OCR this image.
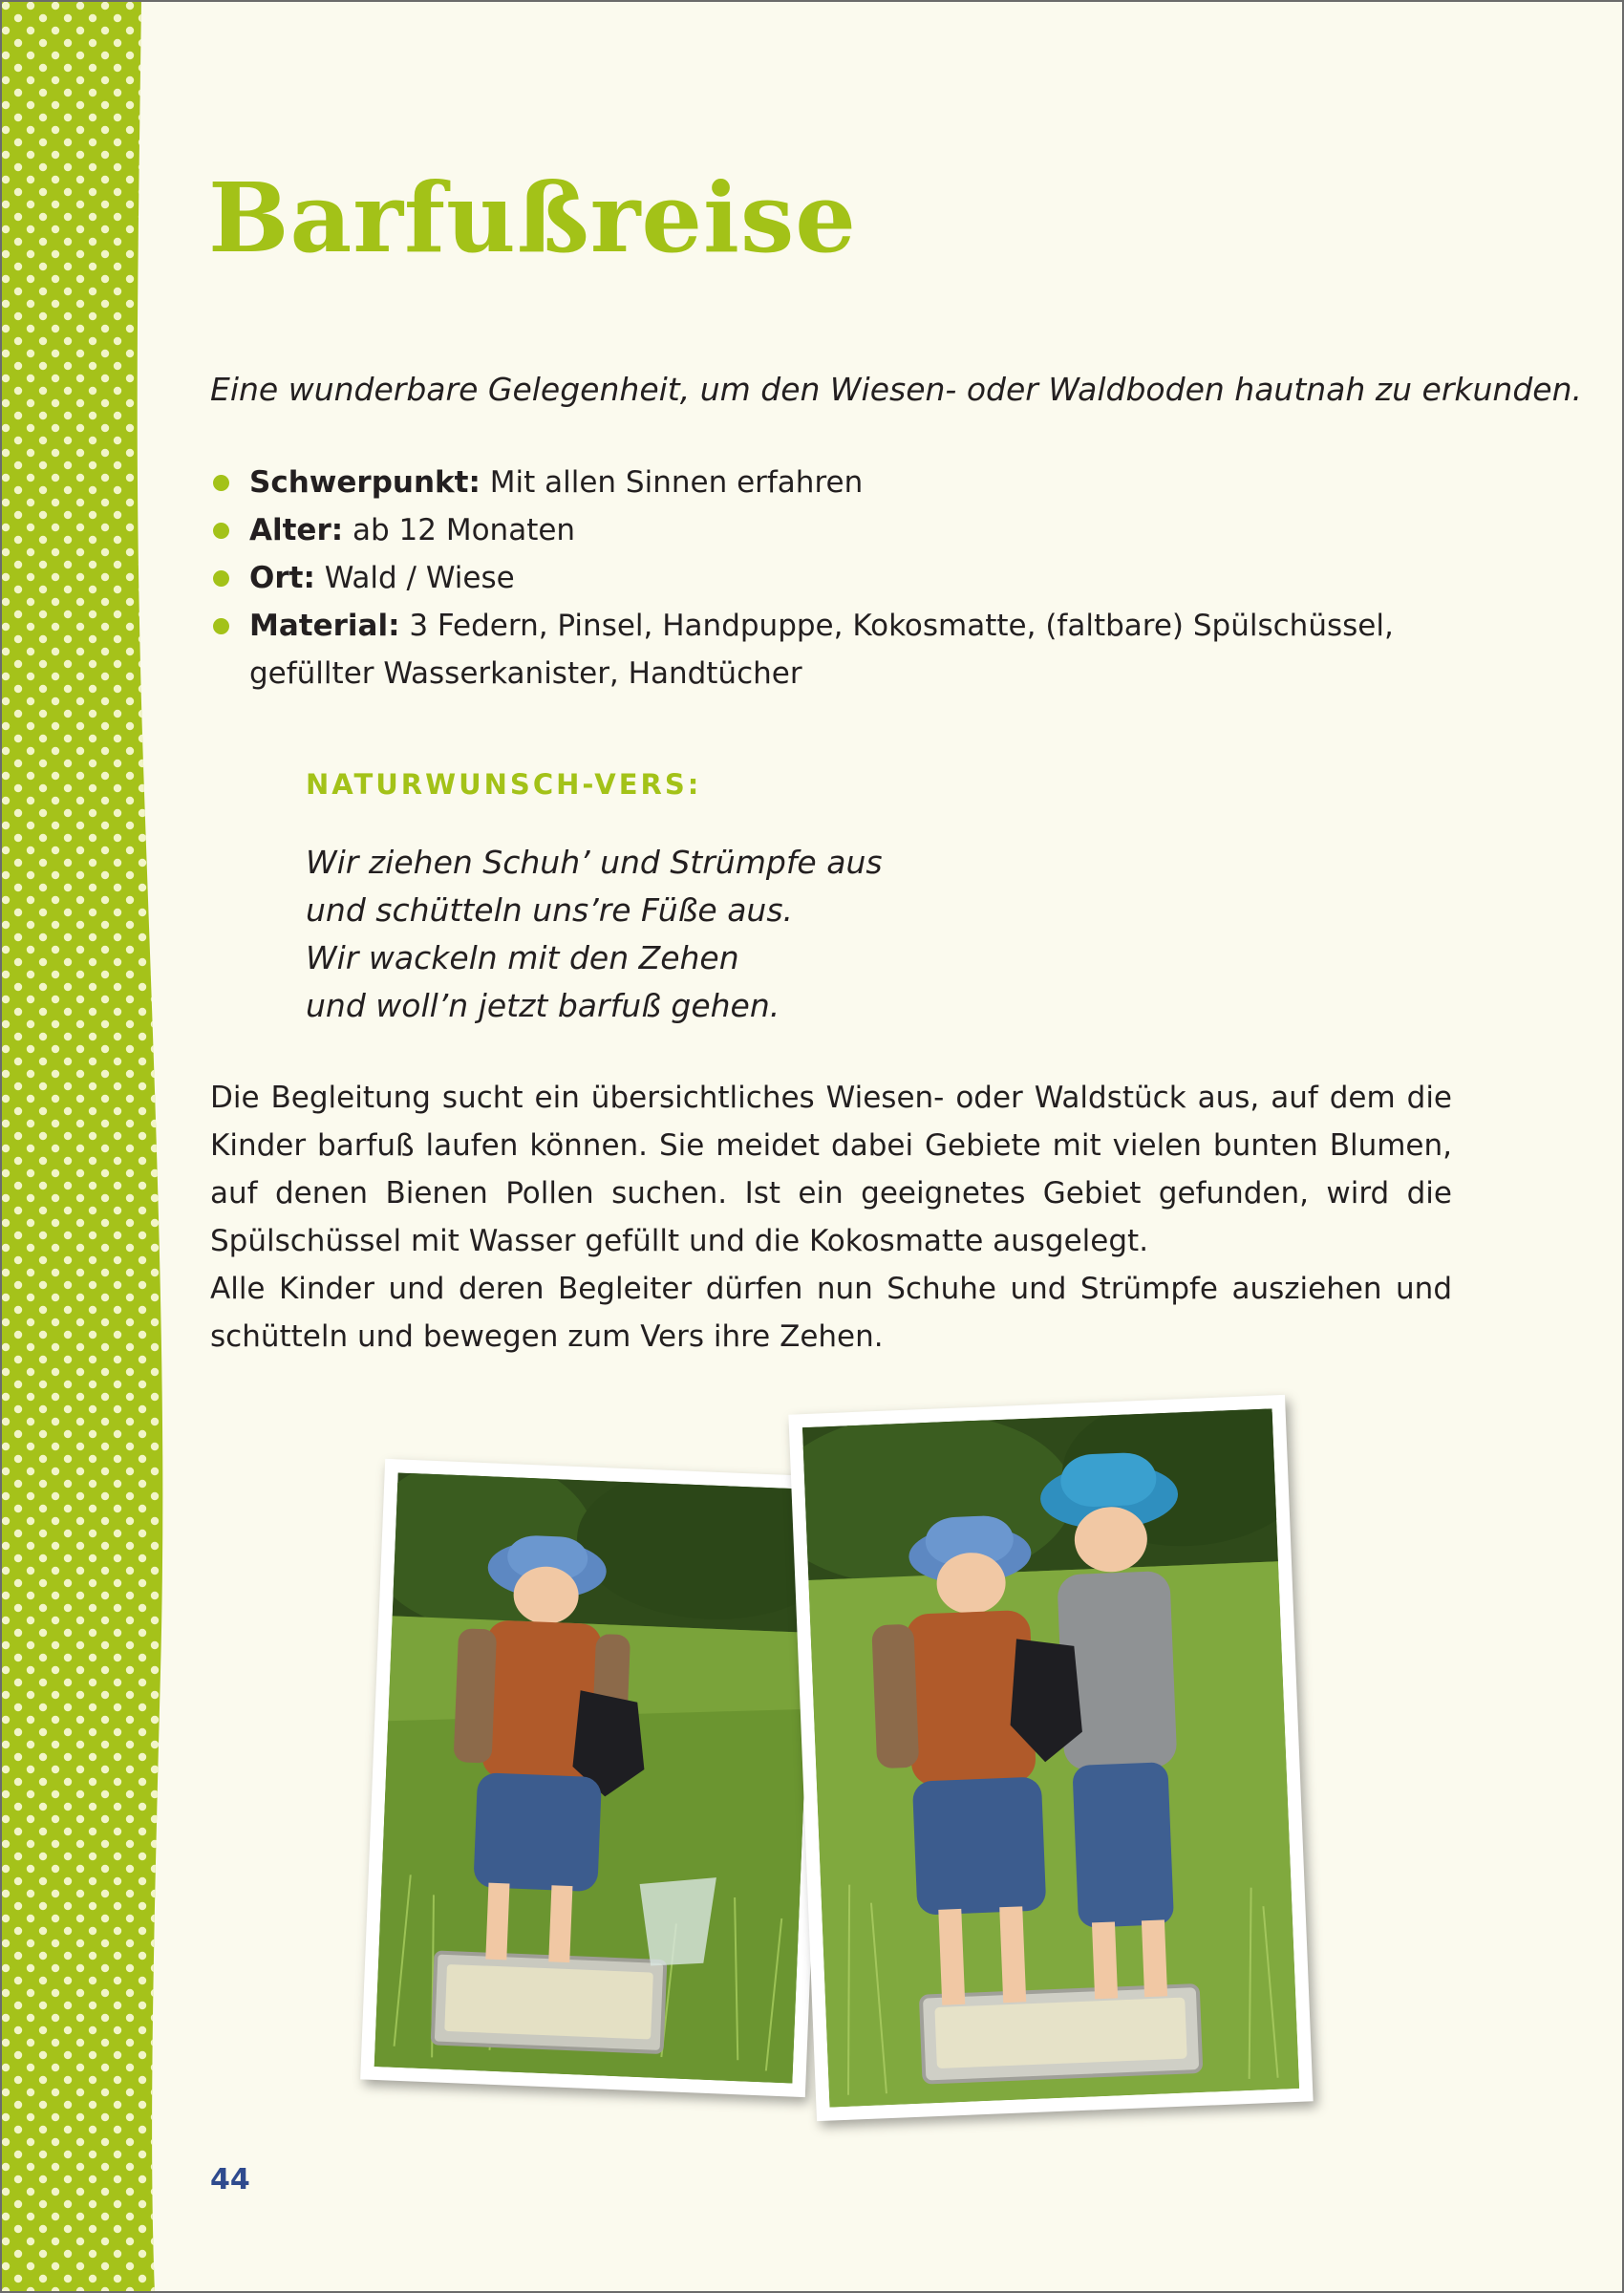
Barfußreise

Eine wunderbare Gelegenheit, um den Wiesen- oder Waldboden hautnah zu erkunden.

Schwerpunkt: Mit allen Sinnen erfahren
Alter: ab 12 Monaten
Ort: Wald / Wiese
Material: 3 Federn, Pinsel, Handpuppe, Kokosmatte, (faltbare) Spülschüssel, gefüllter Wasserkanister, Handtücher
NATURWUNSCH-VERS:
Wir ziehen Schuh’ und Strümpfe aus
und schütteln uns’re Füße aus.
Wir wackeln mit den Zehen
und woll’n jetzt barfuß gehen.

Die Begleitung sucht ein übersichtliches Wiesen- oder Waldstück aus, auf dem die Kinder barfuß laufen können. Sie meidet dabei Gebiete mit vielen bunten Blumen, auf denen Bienen Pollen suchen. Ist ein geeignetes Gebiet gefunden, wird die Spülschüssel mit Wasser gefüllt und die Kokosmatte ausgelegt.

Alle Kinder und deren Begleiter dürfen nun Schuhe und Strümpfe ausziehen und schütteln und bewegen zum Vers ihre Zehen.

44
